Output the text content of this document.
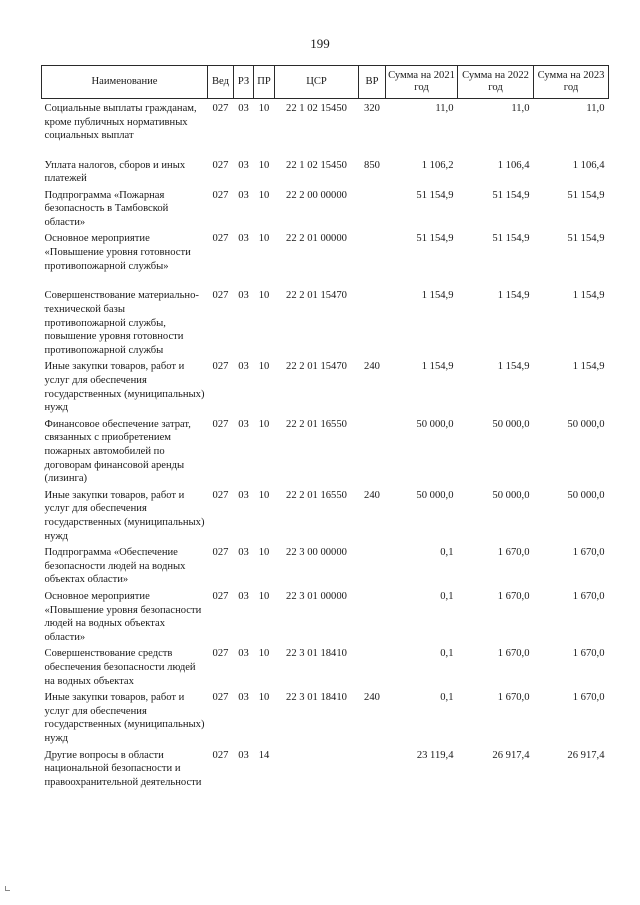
199
Наименование	Вед	РЗ	ПР	ЦСР	ВР	Сумма на 2021 год	Сумма на 2022 год	Сумма на 2023 год
Социальные выплаты гражданам, кроме публичных нормативных социальных выплат	027	03	10	22 1 02 15450	320	11,0	11,0	11,0
Уплата налогов, сборов и иных платежей	027	03	10	22 1 02 15450	850	1 106,2	1 106,4	1 106,4
Подпрограмма «Пожарная безопасность в Тамбовской области»	027	03	10	22 2 00 00000		51 154,9	51 154,9	51 154,9
Основное мероприятие «Повышение уровня готовности противопожарной службы»	027	03	10	22 2 01 00000		51 154,9	51 154,9	51 154,9
Совершенствование материально-технической базы противопожарной службы, повышение уровня готовности противопожарной службы	027	03	10	22 2 01 15470		1 154,9	1 154,9	1 154,9
Иные закупки товаров, работ и услуг для обеспечения государственных (муниципальных) нужд	027	03	10	22 2 01 15470	240	1 154,9	1 154,9	1 154,9
Финансовое обеспечение затрат, связанных с приобретением пожарных автомобилей по договорам финансовой аренды (лизинга)	027	03	10	22 2 01 16550		50 000,0	50 000,0	50 000,0
Иные закупки товаров, работ и услуг для обеспечения государственных (муниципальных) нужд	027	03	10	22 2 01 16550	240	50 000,0	50 000,0	50 000,0
Подпрограмма «Обеспечение безопасности людей на водных объектах области»	027	03	10	22 3 00 00000		0,1	1 670,0	1 670,0
Основное мероприятие «Повышение уровня безопасности людей на водных объектах области»	027	03	10	22 3 01 00000		0,1	1 670,0	1 670,0
Совершенствование средств обеспечения безопасности людей на водных объектах	027	03	10	22 3 01 18410		0,1	1 670,0	1 670,0
Иные закупки товаров, работ и услуг для обеспечения государственных (муниципальных) нужд	027	03	10	22 3 01 18410	240	0,1	1 670,0	1 670,0
Другие вопросы в области национальной безопасности и правоохранительной деятельности	027	03	14			23 119,4	26 917,4	26 917,4
